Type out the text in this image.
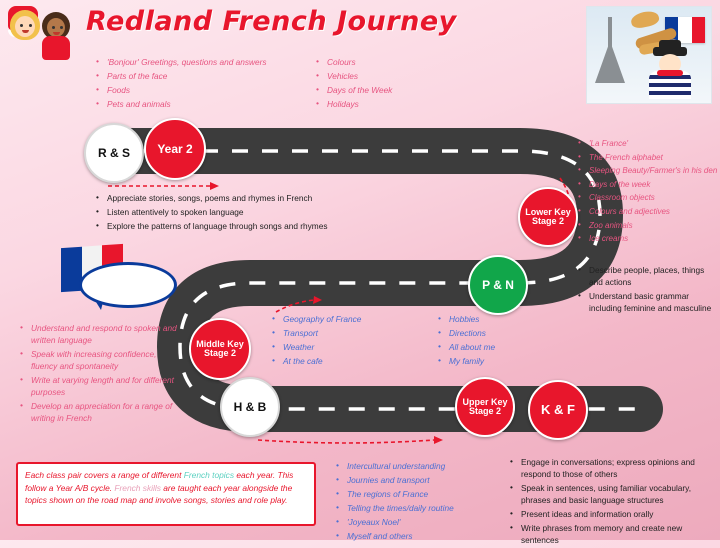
Redland French Journey
R & S Year 2
Lower Key Stage 2
P & N
Middle Key Stage 2
H & B	Upper Key Stage 2	K & F
• 'Bonjour' Greetings, questions and answers
• Parts of the face
• Foods
• Pets and animals
• Colours
• Vehicles
• Days of the Week
• Holidays
• 'La France'
• The French alphabet
• Sleeping Beauty/Farmer's in his den
• Days of the week
• Classroom objects
• Colours and adjectives
• Zoo animals
• Ice creams
• Appreciate stories, songs, poems and rhymes in French
• Listen attentively to spoken language
• Explore the patterns of language through songs and rhymes
• Describe people, places, things and actions
• Understand basic grammar including feminine and masculine
• Understand and respond to spoken and written language
• Speak with increasing confidence, fluency and spontaneity
• Write at varying length and for different purposes
• Develop an appreciation for a range of writing in French
• Geography of France
• Transport
• Weather
• At the cafe
• Hobbies
• Directions
• All about me
• My family
• Intercultural understanding
• Journies and transport
• The regions of France
• Telling the times/daily routine
• 'Joyeaux Noel'
• Myself and others
• Engage in conversations; express opinions and respond to those of others
• Speak in sentences, using familiar vocabulary, phrases and basic language structures
• Present ideas and information orally
• Write phrases from memory and create new sentences
Each class pair covers a range of different French topics each year. This follow a Year A/B cycle. French skills are taught each year alongside the topics shown on the road map and involve songs, stories and role play.
